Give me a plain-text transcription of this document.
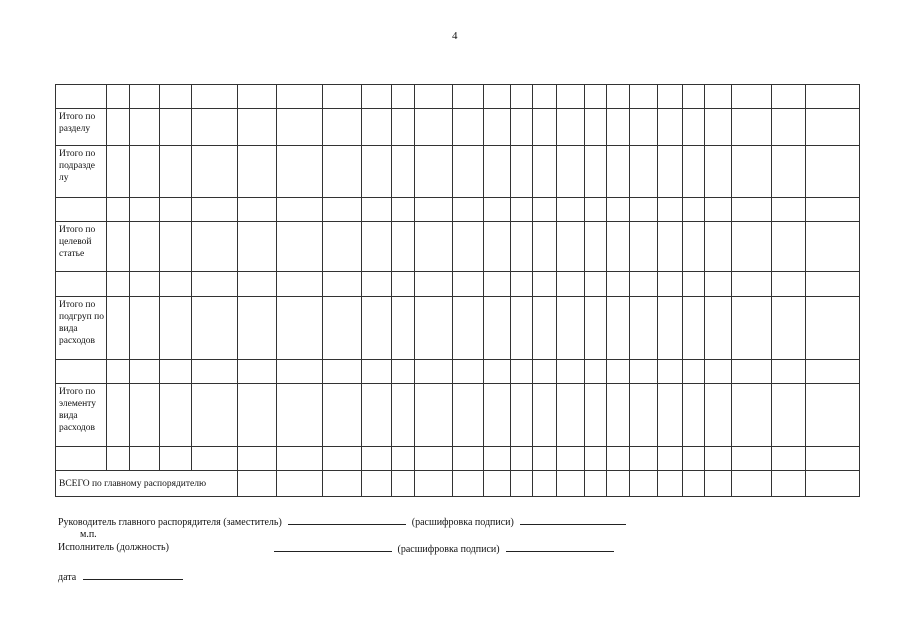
4

Итого по разделу																								
Итого по подразде лу																								

Итого по целевой статье																								

Итого по подгруп по вида расходов																								

Итого по элементу вида расходов																								

ВСЕГО по главному распорядителю																								
Руководитель главного распорядителя (заместитель)	(расшифровка подписи)
м.п.
Исполнитель (должность)	(расшифровка подписи)
дата
